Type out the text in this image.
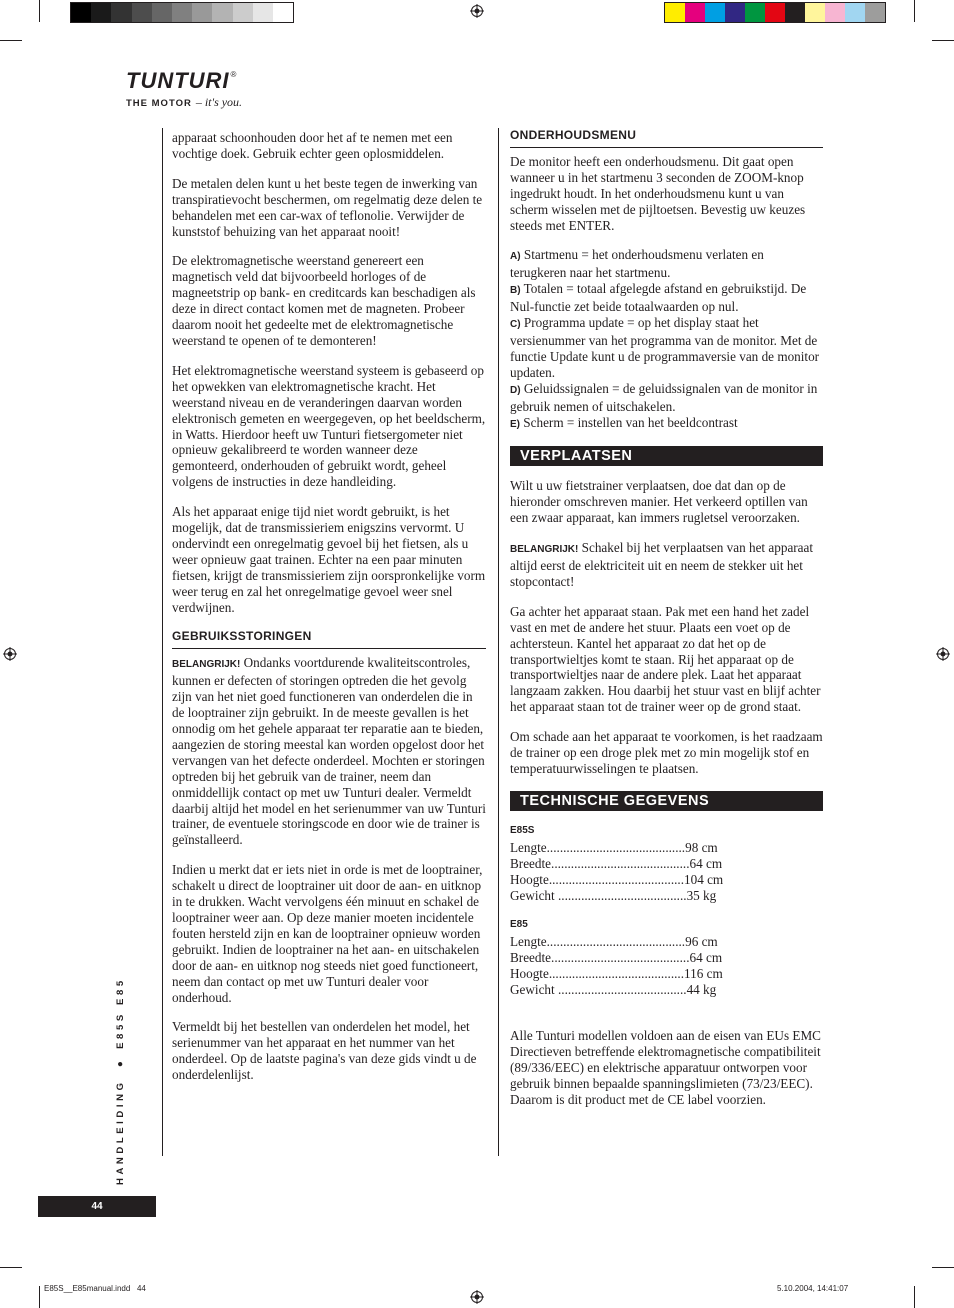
TUNTURI ®
THE MOTOR – it's you.

apparaat schoonhouden door het af te nemen met een vochtige doek. Gebruik echter geen oplosmiddelen.

De metalen delen kunt u het beste tegen de inwerking van transpiratievocht beschermen, om regelmatig deze delen te behandelen met een car-wax of teflonolie. Verwijder de kunststof behuizing van het apparaat nooit!

De elektromagnetische weerstand genereert een magnetisch veld dat bijvoorbeeld horloges of de magneetstrip op bank- en creditcards kan beschadigen als deze in direct contact komen met de magneten. Probeer daarom nooit het gedeelte met de elektromagnetische weerstand te openen of te demonteren!

Het elektromagnetische weerstand systeem is gebaseerd op het opwekken van elektromagnetische kracht. Het weerstand niveau en de veranderingen daarvan worden elektronisch gemeten en weergegeven, op het beeldscherm, in Watts. Hierdoor heeft uw Tunturi fietsergometer niet opnieuw gekalibreerd te worden wanneer deze gemonteerd, onderhouden of gebruikt wordt, geheel volgens de instructies in deze handleiding.

Als het apparaat enige tijd niet wordt gebruikt, is het mogelijk, dat de transmissieriem enigszins vervormt. U ondervindt een onregelmatig gevoel bij het fietsen, als u weer opnieuw gaat trainen. Echter na een paar minuten fietsen, krijgt de transmissieriem zijn oorspronkelijke vorm weer terug en zal het onregelmatige gevoel weer snel verdwijnen.

GEBRUIKSSTORINGEN

BELANGRIJK! Ondanks voortdurende kwaliteitscontroles, kunnen er defecten of storingen optreden die het gevolg zijn van het niet goed functioneren van onderdelen die in de looptrainer zijn gebruikt. In de meeste gevallen is het onnodig om het gehele apparaat ter reparatie aan te bieden, aangezien de storing meestal kan worden opgelost door het vervangen van het defecte onderdeel. Mochten er storingen optreden bij het gebruik van de trainer, neem dan onmiddellijk contact op met uw Tunturi dealer. Vermeldt daarbij altijd het model en het serienummer van uw Tunturi trainer, de eventuele storingscode en door wie de trainer is geïnstalleerd.

Indien u merkt dat er iets niet in orde is met de looptrainer, schakelt u direct de looptrainer uit door de aan- en uitknop in te drukken. Wacht vervolgens één minuut en schakel de looptrainer weer aan. Op deze manier moeten incidentele fouten hersteld zijn en kan de looptrainer opnieuw worden gebruikt. Indien de looptrainer na het aan- en uitschakelen door de aan- en uitknop nog steeds niet goed functioneert, neem dan contact op met uw Tunturi dealer voor onderhoud.

Vermeldt bij het bestellen van onderdelen het model, het serienummer van het apparaat en het nummer van het onderdeel. Op de laatste pagina's van deze gids vindt u de onderdelenlijst.

ONDERHOUDSMENU

De monitor heeft een onderhoudsmenu. Dit gaat open wanneer u in het startmenu 3 seconden de ZOOM-knop ingedrukt houdt. In het onderhoudsmenu kunt u van scherm wisselen met de pijltoetsen. Bevestig uw keuzes steeds met ENTER.

A) Startmenu = het onderhoudsmenu verlaten en terugkeren naar het startmenu.
B) Totalen = totaal afgelegde afstand en gebruikstijd. De Nul-functie zet beide totaalwaarden op nul.
C) Programma update = op het display staat het versienummer van het programma van de monitor. Met de functie Update kunt u de programmaversie van de monitor updaten.
D) Geluidssignalen = de geluidssignalen van de monitor in gebruik nemen of uitschakelen.
E) Scherm = instellen van het beeldcontrast
VERPLAATSEN

Wilt u uw fietstrainer verplaatsen, doe dat dan op de hieronder omschreven manier. Het verkeerd optillen van een zwaar apparaat, kan immers rugletsel veroorzaken.

BELANGRIJK! Schakel bij het verplaatsen van het apparaat altijd eerst de elektriciteit uit en neem de stekker uit het stopcontact!

Ga achter het apparaat staan. Pak met een hand het zadel vast en met de andere het stuur. Plaats een voet op de achtersteun. Kantel het apparaat zo dat het op de transportwieltjes komt te staan. Rij het apparaat op de transportwieltjes naar de andere plek. Laat het apparaat langzaam zakken. Hou daarbij het stuur vast en blijf achter het apparaat staan tot de trainer weer op de grond staat.

Om schade aan het apparaat te voorkomen, is het raadzaam de trainer op een droge plek met zo min mogelijk stof en temperatuurwisselingen te plaatsen.

TECHNISCHE GEGEVENS
E85S
Lengte..........................................98 cm
Breedte..........................................64 cm
Hoogte.........................................104 cm
Gewicht .......................................35 kg
E85
Lengte..........................................96 cm
Breedte..........................................64 cm
Hoogte.........................................116 cm
Gewicht .......................................44 kg

Alle Tunturi modellen voldoen aan de eisen van EUs EMC Directieven betreffende elektromagnetische compatibiliteit (89/336/EEC) en elektrische apparatuur ontworpen voor gebruik binnen bepaalde spanningslimieten (73/23/EEC). Daarom is dit product met de CE label voorzien.

HANDLEIDING ● E85S E85
44
E85S__E85manual.indd   44	5.10.2004, 14:41:07
